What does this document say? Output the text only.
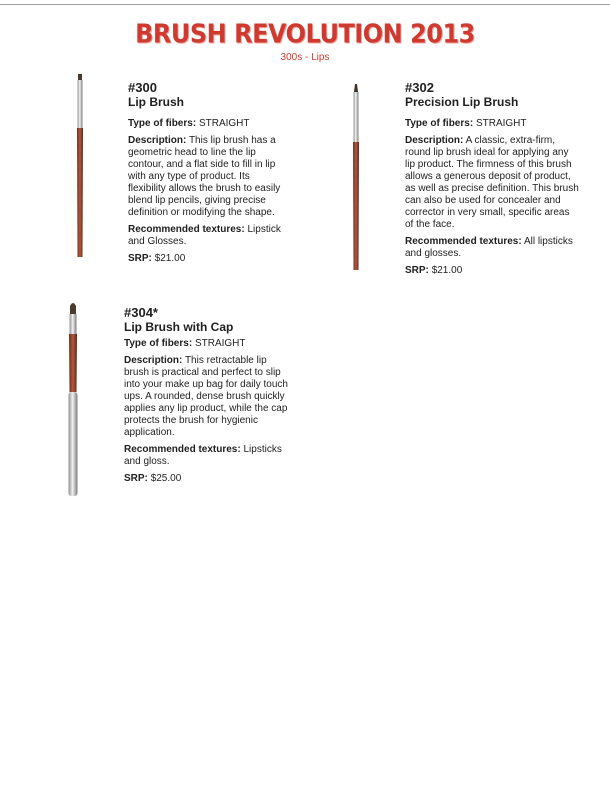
BRUSH REVOLUTION 2013
300s - Lips
#300
Lip Brush
Type of fibers: STRAIGHT
Description: This lip brush has a geometric head to line the lip contour, and a flat side to fill in lip with any type of product. Its flexibility allows the brush to easily blend lip pencils, giving precise definition or modifying the shape.
Recommended textures: Lipstick and Glosses.
SRP: $21.00
#302
Precision Lip Brush
Type of fibers: STRAIGHT
Description: A classic, extra-firm, round lip brush ideal for applying any lip product. The firmness of this brush allows a generous deposit of product, as well as precise definition. This brush can also be used for concealer and corrector in very small, specific areas of the face.
Recommended textures: All lipsticks and glosses.
SRP: $21.00
#304*
Lip Brush with Cap
Type of fibers: STRAIGHT
Description: This retractable lip brush is practical and perfect to slip into your make up bag for daily touch ups. A rounded, dense brush quickly applies any lip product, while the cap protects the brush for hygienic application.
Recommended textures: Lipsticks and gloss.
SRP: $25.00
